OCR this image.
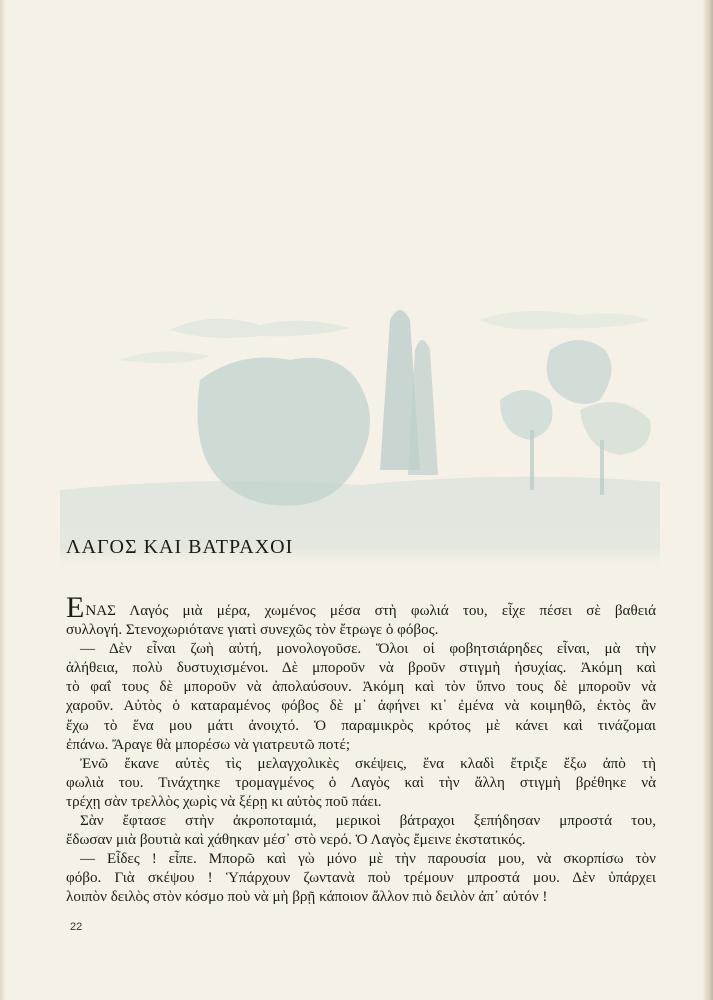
ΛΑΓΟΣ ΚΑΙ ΒΑΤΡΑΧΟΙ
ΕΝΑΣ Λαγός μιὰ μέρα, χωμένος μέσα στὴ φωλιά του, εἶχε πέσει σὲ βαθειά
συλλογή. Στενοχωριότανε γιατὶ συνεχῶς τὸν ἔτρωγε ὁ φόβος.
— Δὲν εἶναι ζωὴ αὐτή, μονολογοῦσε. Ὅλοι οἱ φοβητσιάρηδες εἶναι, μὰ τὴν
ἀλήθεια, πολὺ δυστυχισμένοι. Δὲ μποροῦν νὰ βροῦν στιγμὴ ἡσυχίας. Ἀκόμη καὶ
τὸ φαΐ τους δὲ μποροῦν νὰ ἀπολαύσουν. Ἀκόμη καὶ τὸν ὕπνο τους δὲ μποροῦν νὰ
χαροῦν. Αὐτὸς ὁ καταραμένος φόβος δὲ μ᾿ ἀφήνει κι᾿ ἐμένα νὰ κοιμηθῶ, ἐκτὸς ἂν
ἔχω τὸ ἕνα μου μάτι ἀνοιχτό. Ὁ παραμικρὸς κρότος μὲ κάνει καὶ τινάζομαι
ἐπάνω. Ἄραγε θὰ μπορέσω νὰ γιατρευτῶ ποτέ;
Ἐνῶ ἔκανε αὐτὲς τὶς μελαγχολικὲς σκέψεις, ἕνα κλαδὶ ἔτριξε ἔξω ἀπὸ τὴ
φωλιὰ του. Τινάχτηκε τρομαγμένος ὁ Λαγὸς καὶ τὴν ἄλλη στιγμὴ βρέθηκε νὰ
τρέχῃ σὰν τρελλὸς χωρὶς νὰ ξέρῃ κι αὐτὸς ποῦ πάει.
Σὰν ἔφτασε στὴν ἀκροποταμιά, μερικοὶ βάτραχοι ξεπήδησαν μπροστά του,
ἔδωσαν μιὰ βουτιὰ καὶ χάθηκαν μέσ᾿ στὸ νερό. Ὁ Λαγὸς ἔμεινε ἐκστατικός.
— Εἶδες ! εἶπε. Μπορῶ καὶ γὼ μόνο μὲ τὴν παρουσία μου, νὰ σκορπίσω τὸν
φόβο. Γιὰ σκέψου ! Ὑπάρχουν ζωντανὰ ποὺ τρέμουν μπροστά μου. Δὲν ὑπάρχει
λοιπὸν δειλὸς στὸν κόσμο ποὺ νὰ μὴ βρῇ κάποιον ἄλλον πιὸ δειλὸν ἀπ᾿ αὐτόν !
22
